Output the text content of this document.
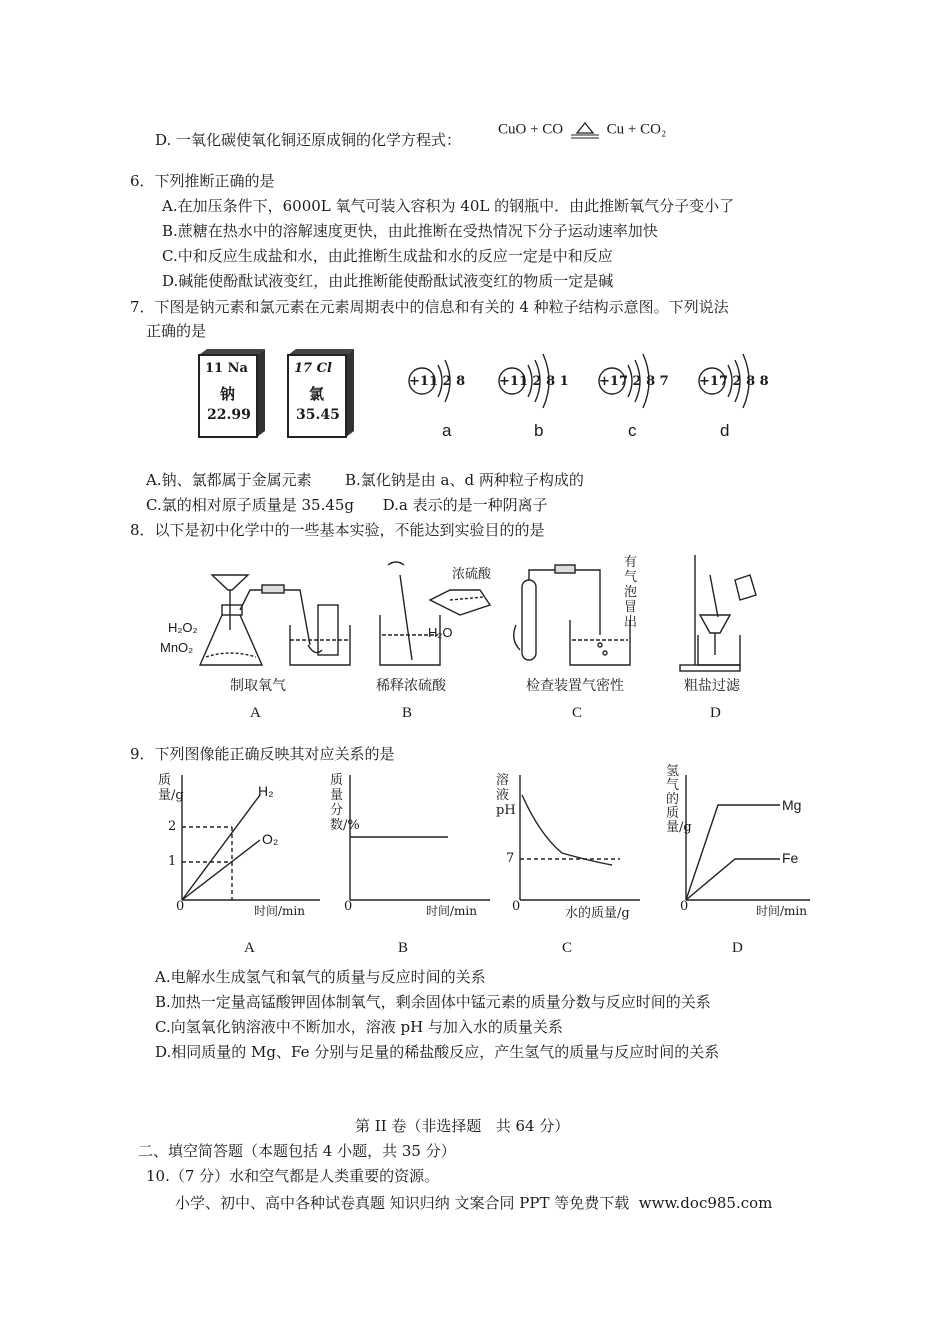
D. 一氧化碳使氧化铜还原成铜的化学方程式：
CuO + CO	Cu + CO₂
6．下列推断正确的是
A.在加压条件下，6000L 氧气可装入容积为 40L 的钢瓶中．由此推断氧气分子变小了
B.蔗糖在热水中的溶解速度更快，由此推断在受热情况下分子运动速率加快
C.中和反应生成盐和水，由此推断生成盐和水的反应一定是中和反应
D.碱能使酚酞试液变红，由此推断能使酚酞试液变红的物质一定是碱
7．下图是钠元素和氯元素在元素周期表中的信息和有关的 4 种粒子结构示意图。下列说法
正确的是
11 Na
钠
22.99
17 Cl
氯
35.45
+11 2 8	+11 2 8 1 +17 2 8 7 +17 2 8 8
a	b	c	d
A.钠、氯都属于金属元素       B.氯化钠是由 a、d 两种粒子构成的
C.氯的相对原子质量是 35.45g      D.a 表示的是一种阴离子
8．以下是初中化学中的一些基本实验，不能达到实验目的的是
H₂O₂
MnO₂
浓硫酸
H₂O
有气泡冒出
制取氧气	稀释浓硫酸	检查装置气密性	粗盐过滤
A	B	C	D
9．下列图像能正确反映其对应关系的是
质量/g	H₂
O₂
2
1
0	时间/min
A
质量分数/%
0	时间/min
B
溶液pH
7
0	水的质量/g
C
氢气的质量/g
Mg
Fe
0	时间/min
D
A.电解水生成氢气和氧气的质量与反应时间的关系
B.加热一定量高锰酸钾固体制氧气，剩余固体中锰元素的质量分数与反应时间的关系
C.向氢氧化钠溶液中不断加水，溶液 pH 与加入水的质量关系
D.相同质量的 Mg、Fe 分别与足量的稀盐酸反应，产生氢气的质量与反应时间的关系
第 II 卷（非选择题   共 64 分）
二、填空简答题（本题包括 4 小题，共 35 分）
10.（7 分）水和空气都是人类重要的资源。
小学、初中、高中各种试卷真题 知识归纳 文案合同 PPT 等免费下载  www.doc985.com
